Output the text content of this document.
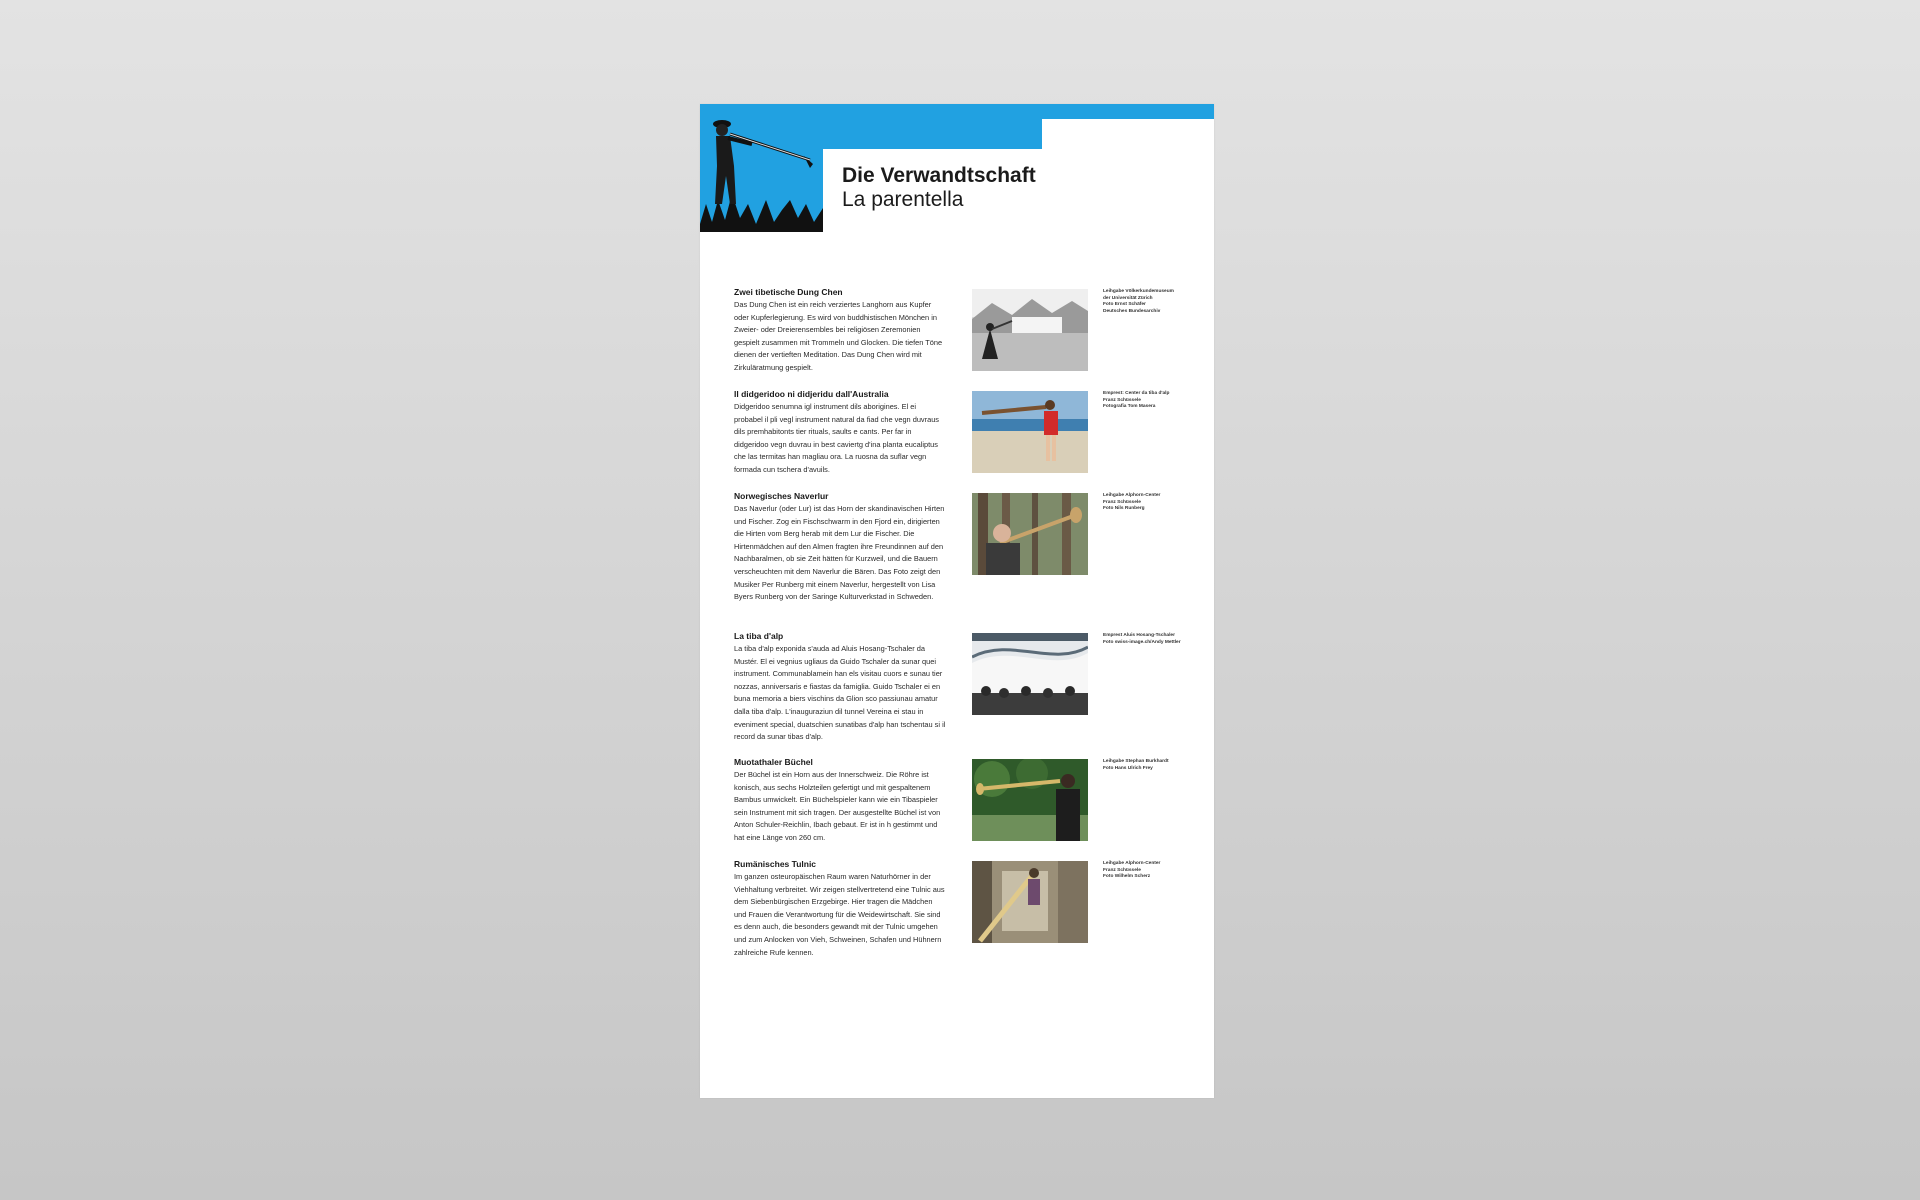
Die Verwandtschaft
La parentella
Zwei tibetische Dung Chen
Das Dung Chen ist ein reich verziertes Langhorn aus Kupfer oder Kupferlegierung. Es wird von buddhistischen Mönchen in Zweier- oder Dreierensembles bei religiösen Zeremonien gespielt zusammen mit Trommeln und Glocken. Die tiefen Töne dienen der vertieften Meditation. Das Dung Chen wird mit Zirkuläratmung gespielt.
Leihgabe Völkerkundemuseum
der Universität Zürich
Foto Ernst Schäfer
Deutsches Bundesarchiv
Il didgeridoo ni didjeridu dall'Australia
Didgeridoo senumna igl instrument dils aborigines. El ei probabel il pli vegl instrument natural da fiad che vegn duvraus dils premhabitonts tier rituals, saults e cants. Per far in didgeridoo vegn duvrau in best caviertg d'ina planta eucaliptus che las termitas han magliau ora. La ruosna da suflar vegn formada cun tschera d'avuils.
Emprest: Center da tiba d'alp
Franz Schüssele
Fotografia Tom Masera
Norwegisches Naverlur
Das Naverlur (oder Lur) ist das Horn der skandinavischen Hirten und Fischer. Zog ein Fischschwarm in den Fjord ein, dirigierten die Hirten vom Berg herab mit dem Lur die Fischer. Die Hirtenmädchen auf den Almen fragten ihre Freundinnen auf den Nachbaralmen, ob sie Zeit hätten für Kurzweil, und die Bauern verscheuchten mit dem Naverlur die Bären. Das Foto zeigt den Musiker Per Runberg mit einem Naverlur, hergestellt von Lisa Byers Runberg von der Saringe Kulturverkstad in Schweden.
Leihgabe Alphorn-Center
Franz Schüssele
Foto Nils Runberg
La tiba d'alp
La tiba d'alp exponida s'auda ad Aluis Hosang-Tschaler da Mustér. El ei vegnius ugliaus da Guido Tschaler da sunar quei instrument. Communablamein han els visitau cuors e sunau tier nozzas, anniversaris e fiastas da famiglia. Guido Tschaler ei en buna memoria a biers vischins da Glion sco passiunau amatur dalla tiba d'alp. L'inauguraziun dil tunnel Vereina ei stau in eveniment special, duatschien sunatibas d'alp han tschentau si il record da sunar tibas d'alp.
Emprest Aluis Hosang-Tschaler
Foto swiss-image.ch/Andy Mettler
Muotathaler Büchel
Der Büchel ist ein Horn aus der Innerschweiz. Die Röhre ist konisch, aus sechs Holzteilen gefertigt und mit gespaltenem Bambus umwickelt. Ein Büchelspieler kann wie ein Tibaspieler sein Instrument mit sich tragen. Der ausgestellte Büchel ist von Anton Schuler-Reichlin, Ibach gebaut. Er ist in h gestimmt und hat eine Länge von 260 cm.
Leihgabe Stephan Burkhardt
Foto Hans Ulrich Frey
Rumänisches Tulnic
Im ganzen osteuropäischen Raum waren Naturhörner in der Viehhaltung verbreitet. Wir zeigen stellvertretend eine Tulnic aus dem Siebenbürgischen Erzgebirge. Hier tragen die Mädchen und Frauen die Verantwortung für die Weidewirtschaft. Sie sind es denn auch, die besonders gewandt mit der Tulnic umgehen und zum Anlocken von Vieh, Schweinen, Schafen und Hühnern zahlreiche Rufe kennen.
Leihgabe Alphorn-Center
Franz Schüssele
Foto Wilhelm Scherz
